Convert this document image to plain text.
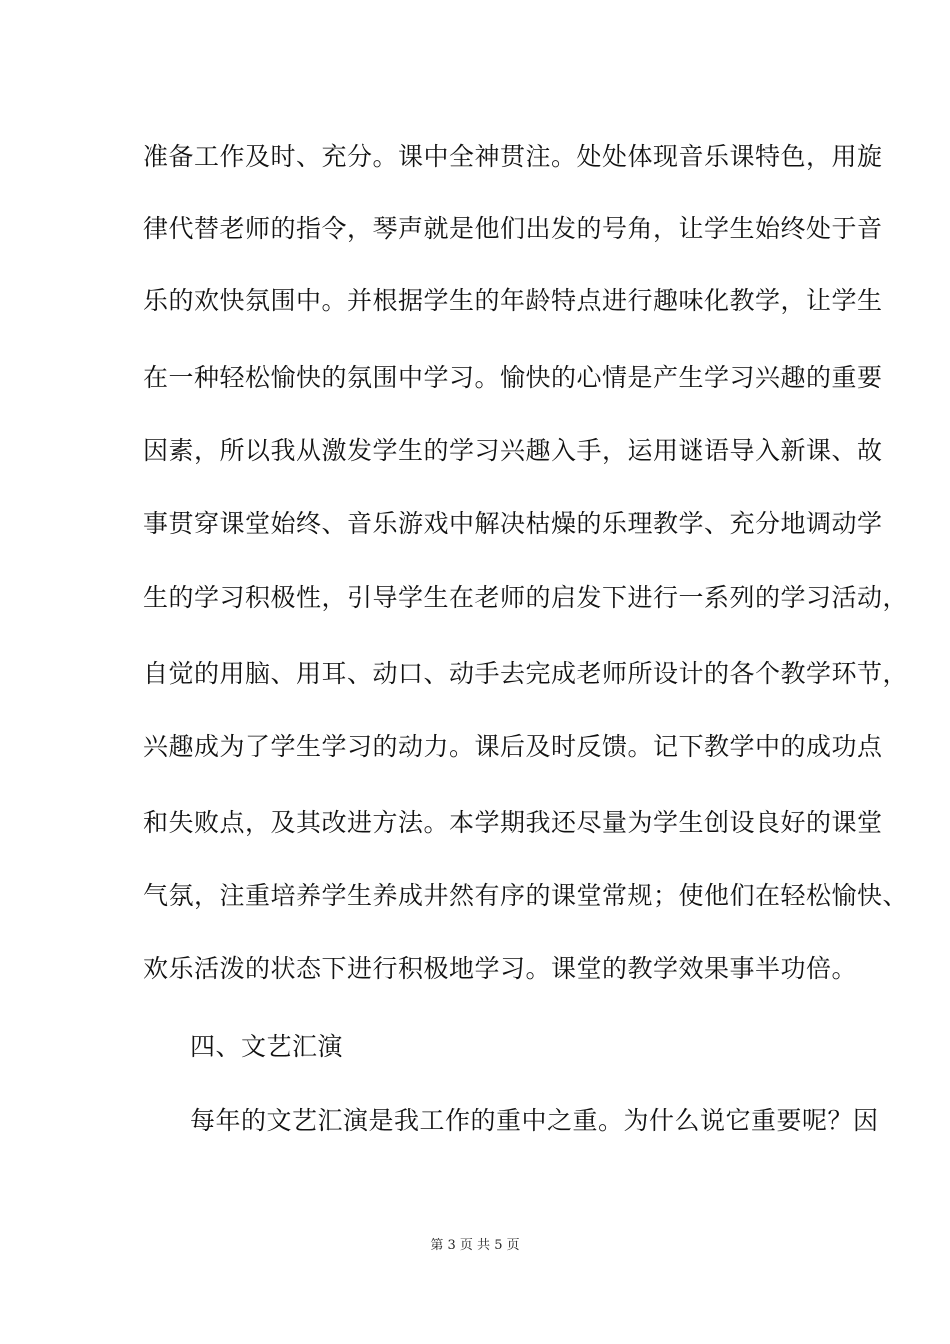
准备工作及时、充分。课中全神贯注。处处体现音乐课特色，用旋
律代替老师的指令，琴声就是他们出发的号角，让学生始终处于音
乐的欢快氛围中。并根据学生的年龄特点进行趣味化教学，让学生
在一种轻松愉快的氛围中学习。愉快的心情是产生学习兴趣的重要
因素，所以我从激发学生的学习兴趣入手，运用谜语导入新课、故
事贯穿课堂始终、音乐游戏中解决枯燥的乐理教学、充分地调动学
生的学习积极性，引导学生在老师的启发下进行一系列的学习活动，
自觉的用脑、用耳、动口、动手去完成老师所设计的各个教学环节，
兴趣成为了学生学习的动力。课后及时反馈。记下教学中的成功点
和失败点，及其改进方法。本学期我还尽量为学生创设良好的课堂
气氛，注重培养学生养成井然有序的课堂常规；使他们在轻松愉快、
欢乐活泼的状态下进行积极地学习。课堂的教学效果事半功倍。
四、文艺汇演
每年的文艺汇演是我工作的重中之重。为什么说它重要呢？因
第 3 页 共 5 页
